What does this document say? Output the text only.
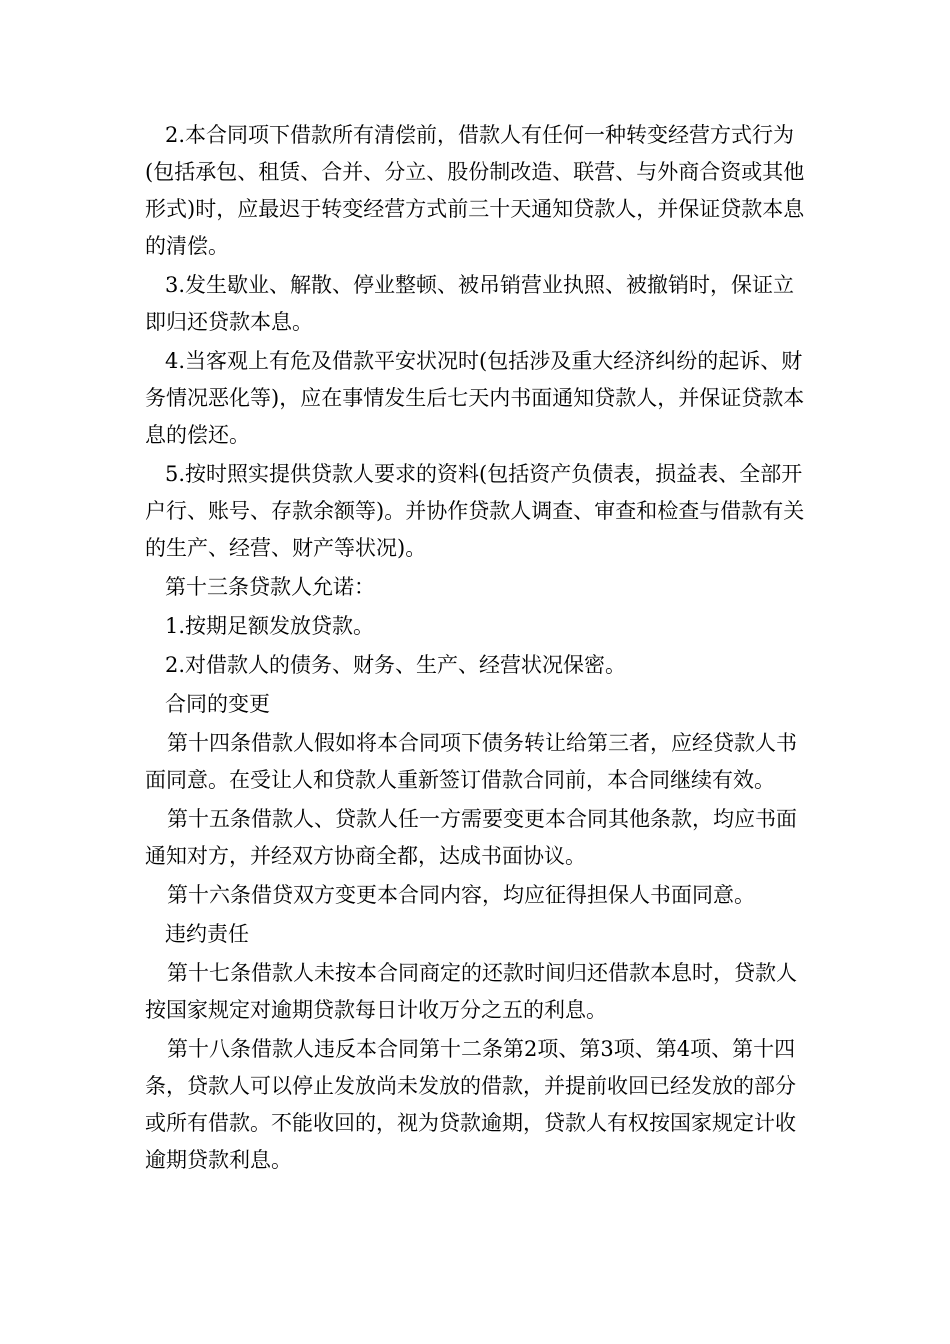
2.本合同项下借款所有清偿前，借款人有任何一种转变经营方式行为(包括承包、租赁、合并、分立、股份制改造、联营、与外商合资或其他形式)时，应最迟于转变经营方式前三十天通知贷款人，并保证贷款本息的清偿。

3.发生歇业、解散、停业整顿、被吊销营业执照、被撤销时，保证立即归还贷款本息。

4.当客观上有危及借款平安状况时(包括涉及重大经济纠纷的起诉、财务情况恶化等)，应在事情发生后七天内书面通知贷款人，并保证贷款本息的偿还。

5.按时照实提供贷款人要求的资料(包括资产负债表，损益表、全部开户行、账号、存款余额等)。并协作贷款人调查、审查和检查与借款有关的生产、经营、财产等状况)。

第十三条贷款人允诺：

1.按期足额发放贷款。

2.对借款人的债务、财务、生产、经营状况保密。

合同的变更

第十四条借款人假如将本合同项下债务转让给第三者，应经贷款人书面同意。在受让人和贷款人重新签订借款合同前，本合同继续有效。

第十五条借款人、贷款人任一方需要变更本合同其他条款，均应书面通知对方，并经双方协商全都，达成书面协议。

第十六条借贷双方变更本合同内容，均应征得担保人书面同意。

违约责任

第十七条借款人未按本合同商定的还款时间归还借款本息时，贷款人按国家规定对逾期贷款每日计收万分之五的利息。

第十八条借款人违反本合同第十二条第2项、第3项、第4项、第十四条，贷款人可以停止发放尚未发放的借款，并提前收回已经发放的部分或所有借款。不能收回的，视为贷款逾期，贷款人有权按国家规定计收逾期贷款利息。
